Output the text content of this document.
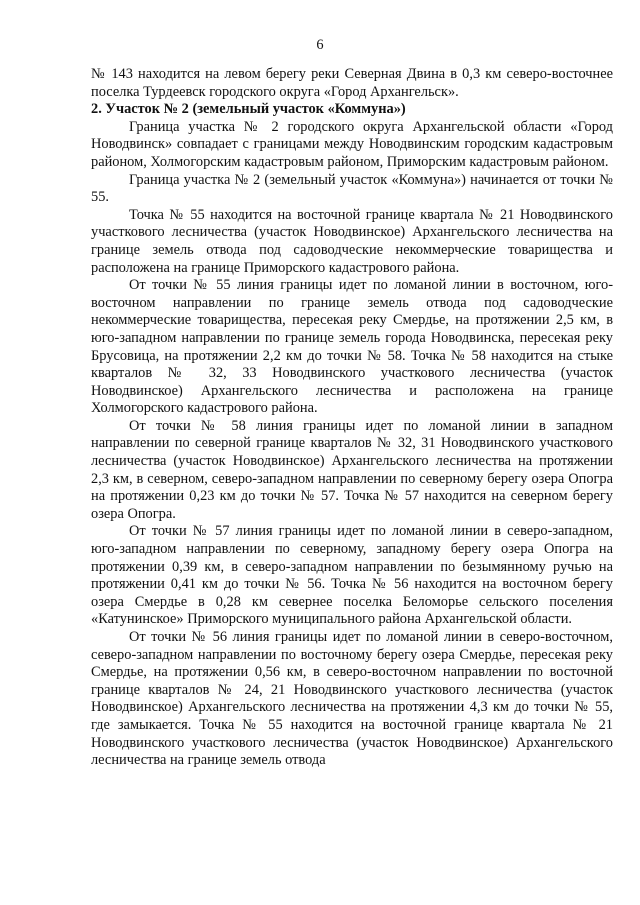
6

№ 143 находится на левом берегу реки Северная Двина в 0,3 км северо-восточнее поселка Турдеевск городского округа «Город Архангельск».

2. Участок № 2 (земельный участок «Коммуна»)

Граница участка № 2 городского округа Архангельской области «Город Новодвинск» совпадает с границами между Новодвинским городским кадастровым районом, Холмогорским кадастровым районом, Приморским кадастровым районом.

Граница участка № 2 (земельный участок «Коммуна») начинается от точки № 55.

Точка № 55 находится на восточной границе квартала № 21 Новодвинского участкового лесничества (участок Новодвинское) Архангельского лесничества на границе земель отвода под садоводческие некоммерческие товарищества и расположена на границе Приморского кадастрового района.

От точки № 55 линия границы идет по ломаной линии в восточном, юго-восточном направлении по границе земель отвода под садоводческие некоммерческие товарищества, пересекая реку Смердье, на протяжении 2,5 км, в юго-западном направлении по границе земель города Новодвинска, пересекая реку Брусовица, на протяжении 2,2 км до точки № 58. Точка № 58 находится на стыке кварталов № 32, 33 Новодвинского участкового лесничества (участок Новодвинское) Архангельского лесничества и расположена на границе Холмогорского кадастрового района.

От точки № 58 линия границы идет по ломаной линии в западном направлении по северной границе кварталов № 32, 31 Новодвинского участкового лесничества (участок Новодвинское) Архангельского лесничества на протяжении 2,3 км, в северном, северо-западном направлении по северному берегу озера Опогра на протяжении 0,23 км до точки № 57. Точка № 57 находится на северном берегу озера Опогра.

От точки № 57 линия границы идет по ломаной линии в северо-западном, юго-западном направлении по северному, западному берегу озера Опогра на протяжении 0,39 км, в северо-западном направлении по безымянному ручью на протяжении 0,41 км до точки № 56. Точка № 56 находится на восточном берегу озера Смердье в 0,28 км севернее поселка Беломорье сельского поселения «Катунинское» Приморского муниципального района Архангельской области.

От точки № 56 линия границы идет по ломаной линии в северо-восточном, северо-западном направлении по восточному берегу озера Смердье, пересекая реку Смердье, на протяжении 0,56 км, в северо-восточном направлении по восточной границе кварталов № 24, 21 Новодвинского участкового лесничества (участок Новодвинское) Архангельского лесничества на протяжении 4,3 км до точки № 55, где замыкается. Точка № 55 находится на восточной границе квартала № 21 Новодвинского участкового лесничества (участок Новодвинское) Архангельского лесничества на границе земель отвода
